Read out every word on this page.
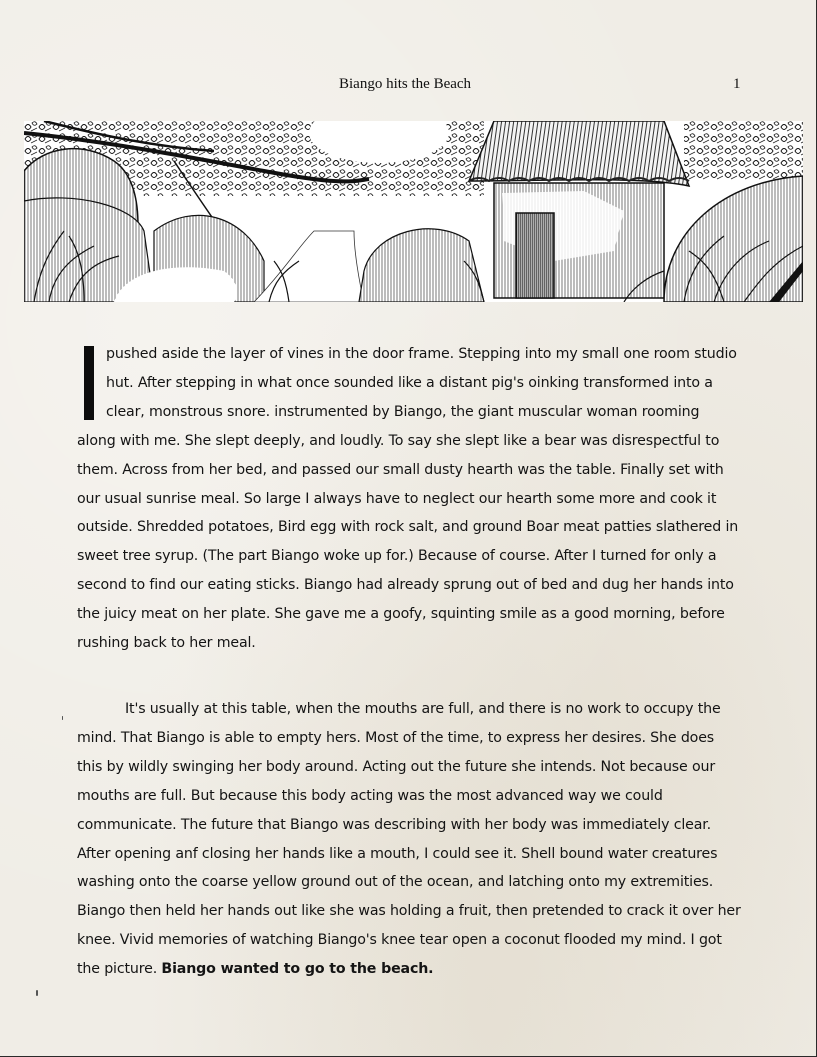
Biango hits the Beach	1

pushed aside the layer of vines in the door frame. Stepping into my small one room studio hut. After stepping in what once sounded like a distant pig's oinking transformed into a clear, monstrous snore. instrumented by Biango, the giant muscular woman rooming along with me. She slept deeply, and loudly. To say she slept like a bear was disrespectful to them. Across from her bed, and passed our small dusty hearth was the table. Finally set with our usual sunrise meal. So large I always have to neglect our hearth some more and cook it outside. Shredded potatoes, Bird egg with rock salt, and ground Boar meat patties slathered in sweet tree syrup. (The part Biango woke up for.) Because of course. After I turned for only a second to find our eating sticks. Biango had already sprung out of bed and dug her hands into the juicy meat on her plate. She gave me a goofy, squinting smile as a good morning, before rushing back to her meal.

It's usually at this table, when the mouths are full, and there is no work to occupy the mind. That Biango is able to empty hers. Most of the time, to express her desires. She does this by wildly swinging her body around. Acting out the future she intends. Not because our mouths are full. But because this body acting was the most advanced way we could communicate. The future that Biango was describing with her body was immediately clear. After opening anf closing her hands like a mouth, I could see it. Shell bound water creatures washing onto the coarse yellow ground out of the ocean, and latching onto my extremities. Biango then held her hands out like she was holding a fruit, then pretended to crack it over her knee. Vivid memories of watching Biango's knee tear open a coconut flooded my mind. I got the picture. Biango wanted to go to the beach.
